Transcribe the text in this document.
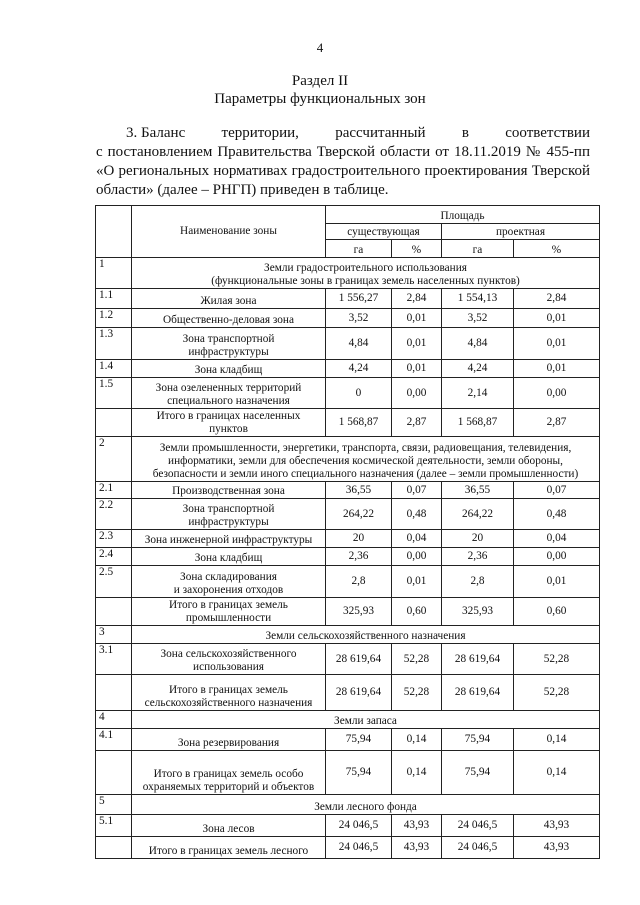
4
Раздел II
Параметры функциональных зон
3. Баланс территории, рассчитанный в соответствии
с постановлением Правительства Тверской области от 18.11.2019 № 455-пп
«О региональных нормативах градостроительного проектирования Тверской
области» (далее – РНГП) приведен в таблице.
	Наименование зоны	Площадь			
		существующая		проектная	
		га	%	га	%
1	Земли градостроительного использования
(функциональные зоны в границах земель населенных пунктов)				
1.1	Жилая зона	1 556,27	2,84	1 554,13	2,84
1.2	Общественно-деловая зона	3,52	0,01	3,52	0,01
1.3	Зона транспортной
инфраструктуры	4,84	0,01	4,84	0,01
1.4	Зона кладбищ	4,24	0,01	4,24	0,01
1.5	Зона озелененных территорий
специального назначения	0	0,00	2,14	0,00
	Итого в границах населенных
пунктов	1 568,87	2,87	1 568,87	2,87
2	Земли промышленности, энергетики, транспорта, связи, радиовещания, телевидения,
информатики, земли для обеспечения космической деятельности, земли обороны,
безопасности и земли иного специального назначения (далее – земли промышленности)				
2.1	Производственная зона	36,55	0,07	36,55	0,07
2.2	Зона транспортной
инфраструктуры	264,22	0,48	264,22	0,48
2.3	Зона инженерной инфраструктуры	20	0,04	20	0,04
2.4	Зона кладбищ	2,36	0,00	2,36	0,00
2.5	Зона складирования
и захоронения отходов	2,8	0,01	2,8	0,01
	Итого в границах земель
промышленности	325,93	0,60	325,93	0,60
3	Земли сельскохозяйственного назначения				
3.1	Зона сельскохозяйственного
использования	28 619,64	52,28	28 619,64	52,28
	Итого в границах земель
сельскохозяйственного назначения	28 619,64	52,28	28 619,64	52,28
4	Земли запаса				
4.1	Зона резервирования	75,94	0,14	75,94	0,14
	Итого в границах земель особо
охраняемых территорий и объектов	75,94	0,14	75,94	0,14
5	Земли лесного фонда				
5.1	Зона лесов	24 046,5	43,93	24 046,5	43,93
	Итого в границах земель лесного	24 046,5	43,93	24 046,5	43,93
